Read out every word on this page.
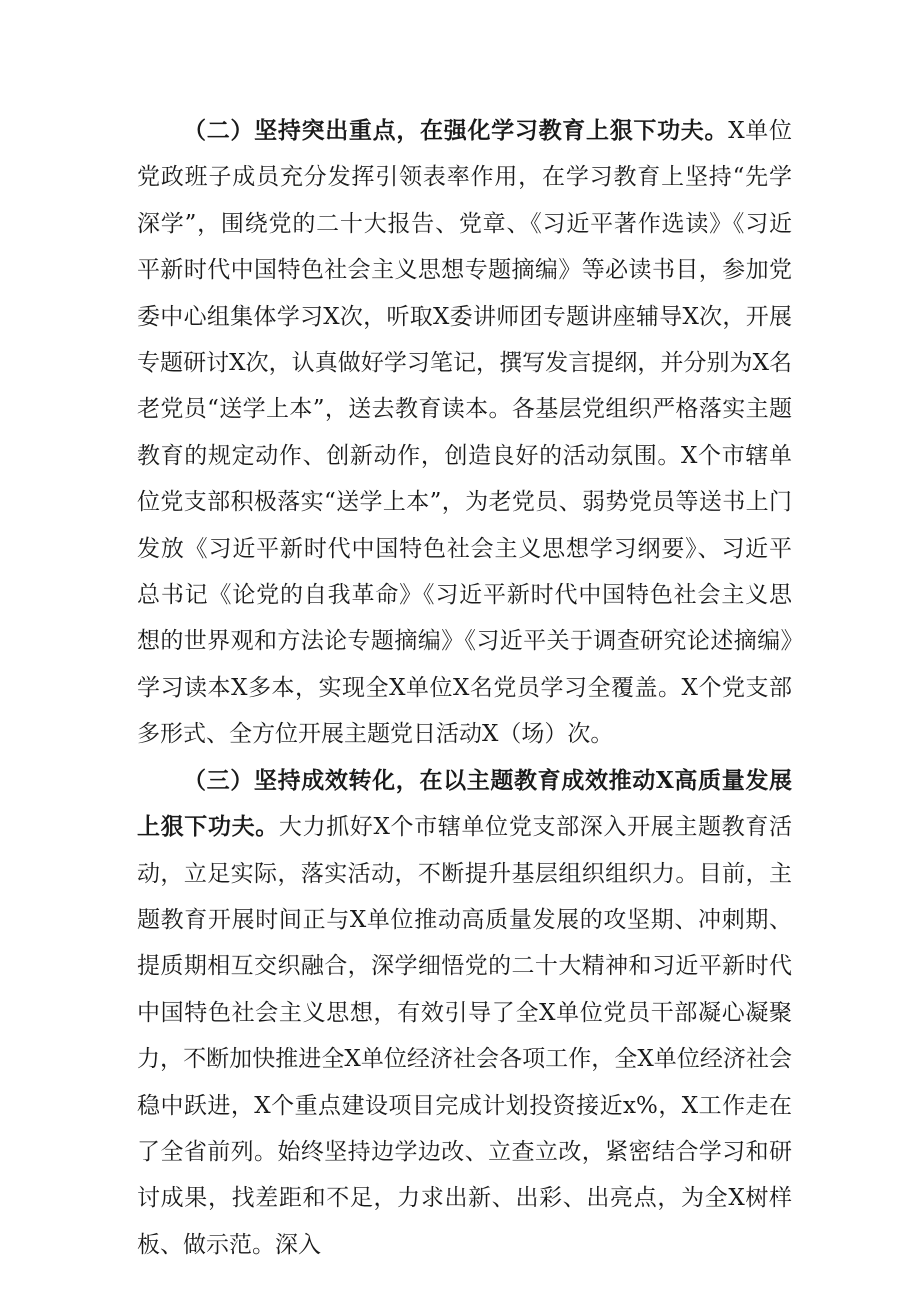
（二）坚持突出重点，在强化学习教育上狠下功夫。X单位党政班子成员充分发挥引领表率作用，在学习教育上坚持“先学深学”，围绕党的二十大报告、党章、《习近平著作选读》《习近平新时代中国特色社会主义思想专题摘编》等必读书目，参加党委中心组集体学习X次，听取X委讲师团专题讲座辅导X次，开展专题研讨X次，认真做好学习笔记，撰写发言提纲，并分别为X名老党员“送学上本”，送去教育读本。各基层党组织严格落实主题教育的规定动作、创新动作，创造良好的活动氛围。X个市辖单位党支部积极落实“送学上本”，为老党员、弱势党员等送书上门发放《习近平新时代中国特色社会主义思想学习纲要》、习近平总书记《论党的自我革命》《习近平新时代中国特色社会主义思想的世界观和方法论专题摘编》《习近平关于调查研究论述摘编》学习读本X多本，实现全X单位X名党员学习全覆盖。X个党支部多形式、全方位开展主题党日活动X（场）次。

（三）坚持成效转化，在以主题教育成效推动X高质量发展上狠下功夫。大力抓好X个市辖单位党支部深入开展主题教育活动，立足实际，落实活动，不断提升基层组织组织力。目前，主题教育开展时间正与X单位推动高质量发展的攻坚期、冲刺期、提质期相互交织融合，深学细悟党的二十大精神和习近平新时代中国特色社会主义思想，有效引导了全X单位党员干部凝心凝聚力，不断加快推进全X单位经济社会各项工作，全X单位经济社会稳中跃进，X个重点建设项目完成计划投资接近x%，X工作走在了全省前列。始终坚持边学边改、立查立改，紧密结合学习和研讨成果，找差距和不足，力求出新、出彩、出亮点，为全X树样板、做示范。深入
